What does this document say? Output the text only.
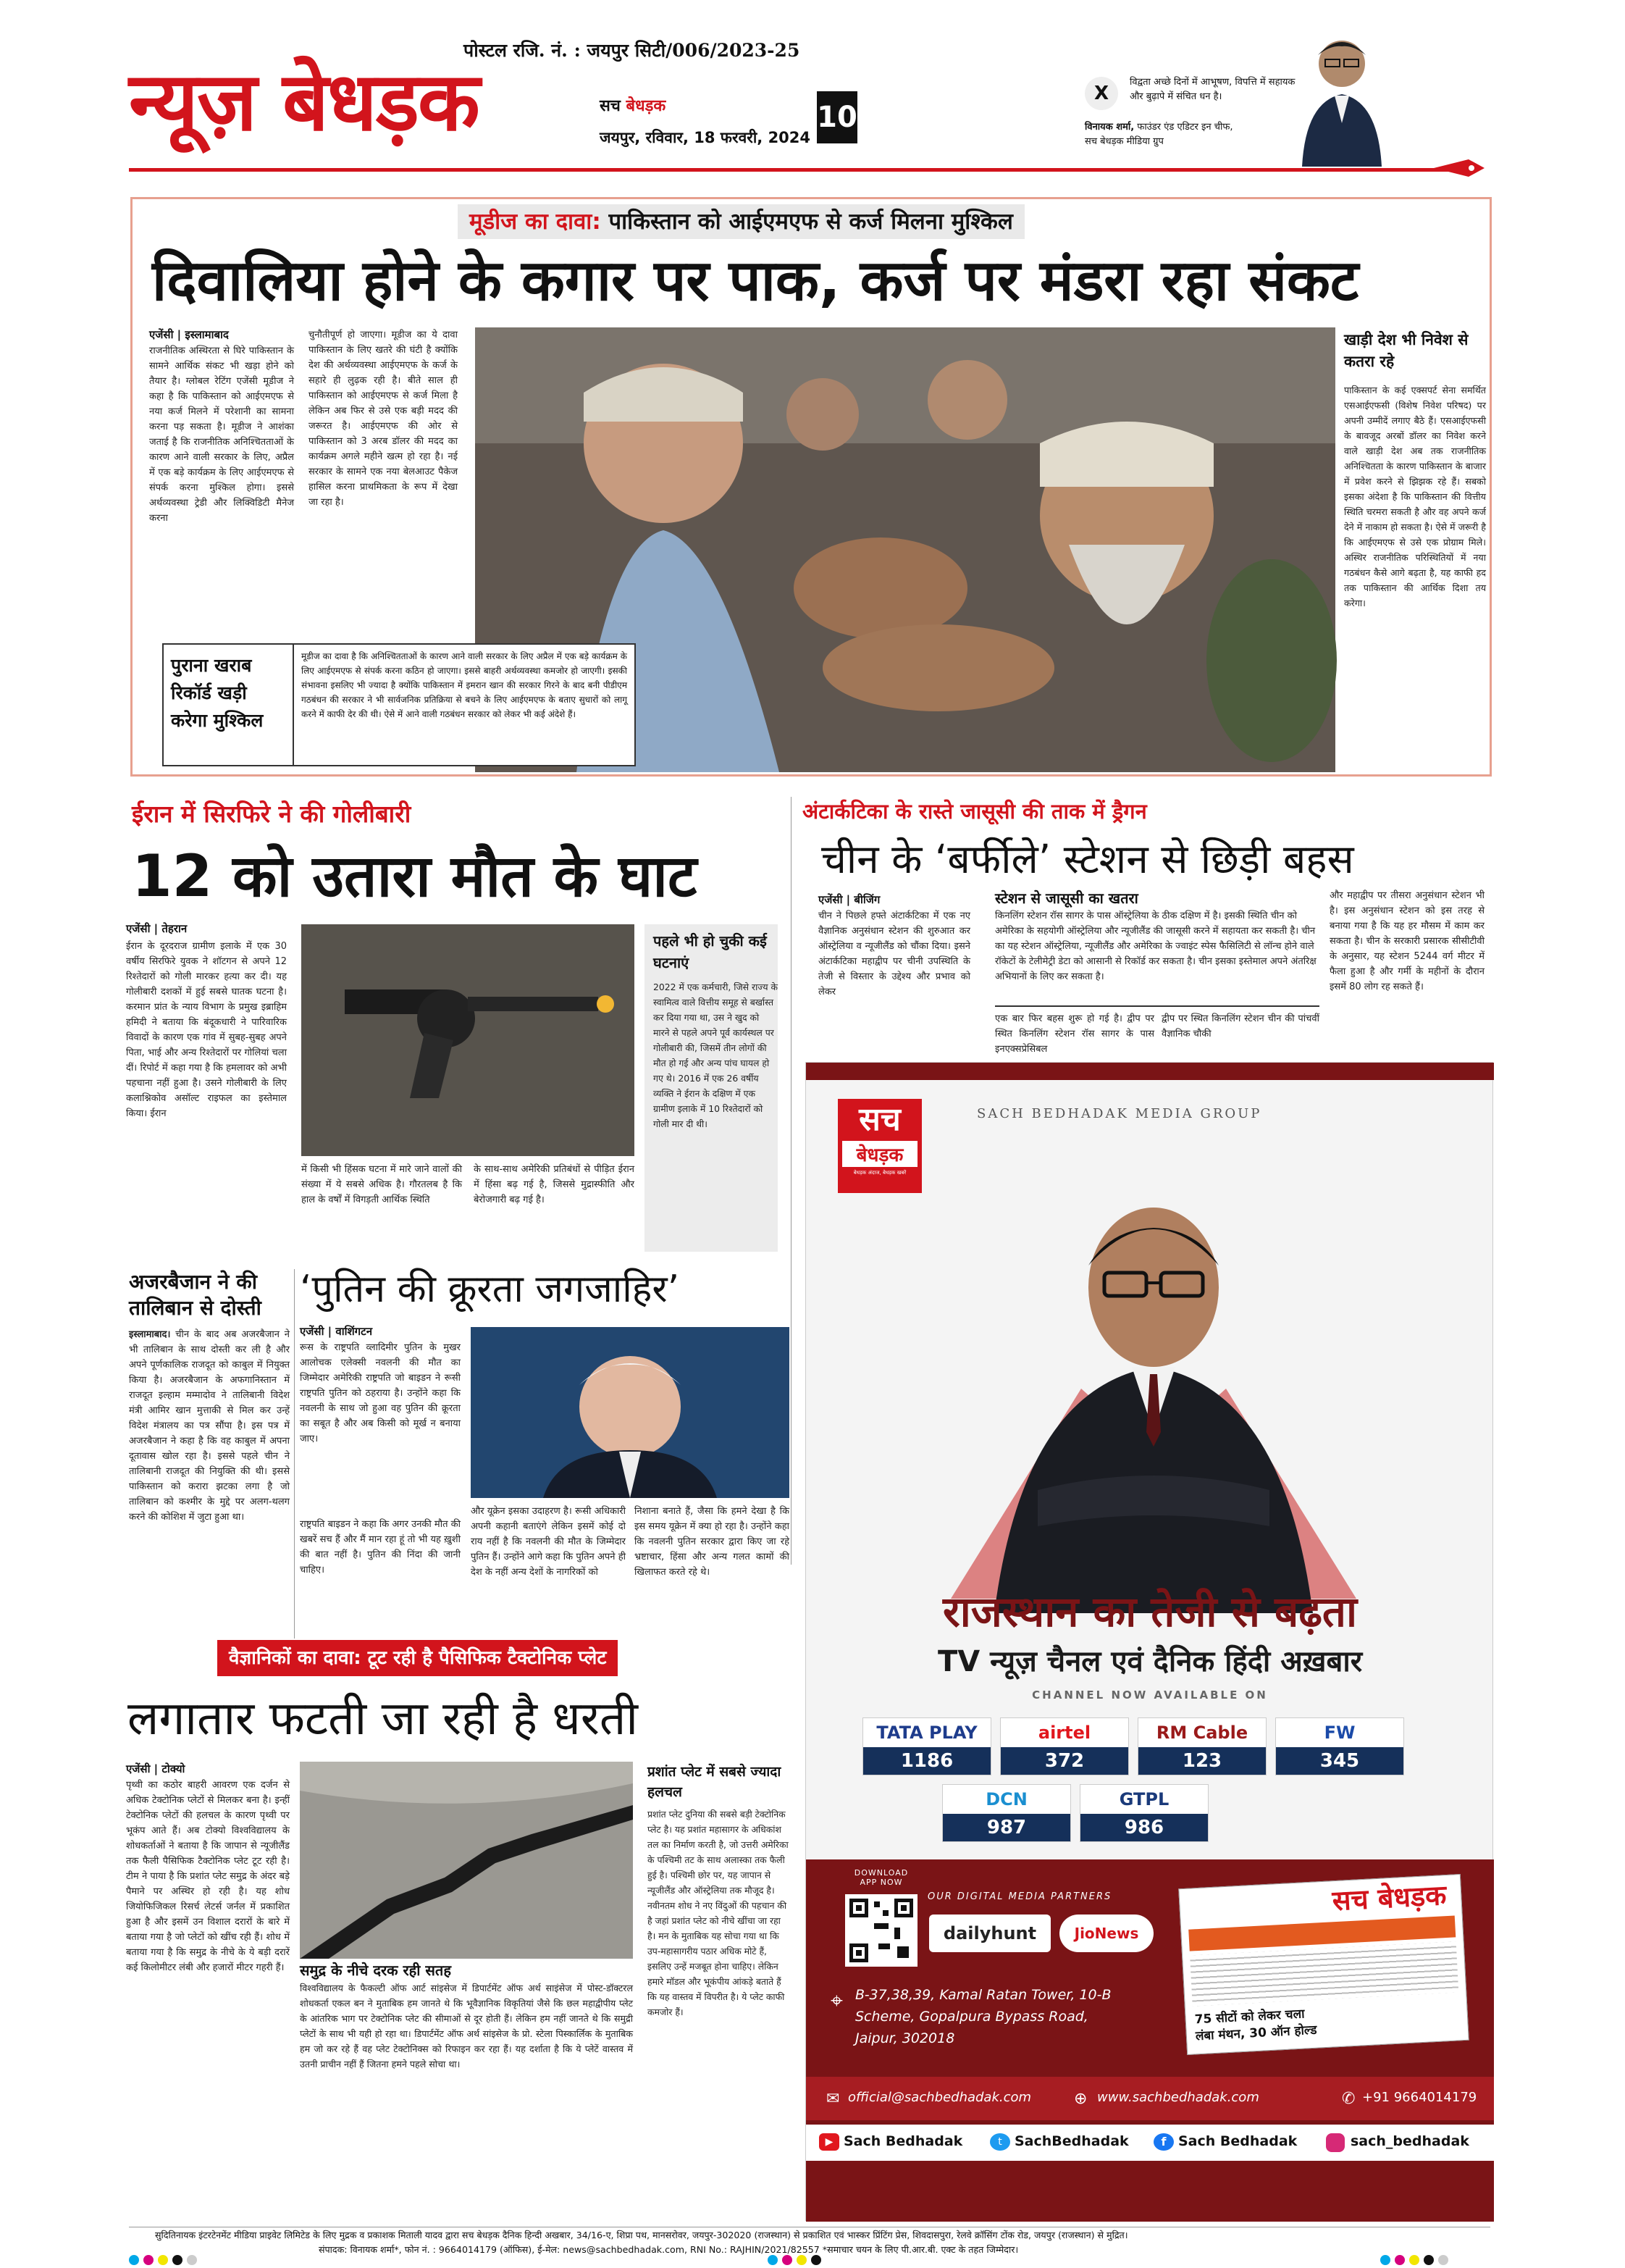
पोस्टल रजि. नं. : जयपुर सिटी/006/2023-25
न्यूज़ बेधड़क	सच बेधड़क
जयपुर, रविवार, 18 फरवरी, 2024
10
X
विद्वता अच्छे दिनों में आभूषण, विपत्ति में सहायक और बुढ़ापे में संचित धन है।
विनायक शर्मा, फाउंडर एंड एडिटर इन चीफ,
सच बेधड़क मीडिया ग्रुप
मूडीज का दावा: पाकिस्तान को आईएमएफ से कर्ज मिलना मुश्किल
दिवालिया होने के कगार पर पाक, कर्ज पर मंडरा रहा संकट
एजेंसी | इस्लामाबाद
राजनीतिक अस्थिरता से घिरे पाकिस्तान के सामने आर्थिक संकट भी खड़ा होने को तैयार है। ग्लोबल रेटिंग एजेंसी मूडीज ने कहा है कि पाकिस्तान को आईएमएफ से नया कर्ज मिलने में परेशानी का सामना करना पड़ सकता है। मूडीज ने आशंका जताई है कि राजनीतिक अनिश्चितताओं के कारण आने वाली सरकार के लिए, अप्रैल में एक बड़े कार्यक्रम के लिए आईएमएफ से संपर्क करना मुश्किल होगा। इससे अर्थव्यवस्था ट्रेडी और लिक्विडिटी मैनेज करना
चुनौतीपूर्ण हो जाएगा। मूडीज का ये दावा पाकिस्तान के लिए खतरे की घंटी है क्योंकि देश की अर्थव्यवस्था आईएमएफ के कर्ज के सहारे ही लुढ़क रही है। बीते साल ही पाकिस्तान को आईएमएफ से कर्ज मिला है लेकिन अब फिर से उसे एक बड़ी मदद की जरूरत है। आईएमएफ की ओर से पाकिस्तान को 3 अरब डॉलर की मदद का कार्यक्रम अगले महीने खत्म हो रहा है। नई सरकार के सामने एक नया बेलआउट पैकेज हासिल करना प्राथमिकता के रूप में देखा जा रहा है।
पुराना खराब रिकॉर्ड खड़ी करेगा मुश्किल
मूडीज का दावा है कि अनिश्चितताओं के कारण आने वाली सरकार के लिए अप्रैल में एक बड़े कार्यक्रम के लिए आईएमएफ से संपर्क करना कठिन हो जाएगा। इससे बाहरी अर्थव्यवस्था कमजोर हो जाएगी। इसकी संभावना इसलिए भी ज्यादा है क्योंकि पाकिस्तान में इमरान खान की सरकार गिरने के बाद बनी पीडीएम गठबंधन की सरकार ने भी सार्वजनिक प्रतिक्रिया से बचने के लिए आईएमएफ के बताए सुधारों को लागू करने में काफी देर की थी। ऐसे में आने वाली गठबंधन सरकार को लेकर भी कई अंदेशे हैं।
खाड़ी देश भी निवेश से कतरा रहे
पाकिस्तान के कई एक्सपर्ट सेना समर्थित एसआईएफसी (विशेष निवेश परिषद) पर अपनी उम्मीदें लगाए बैठे हैं। एसआईएफसी के बावजूद अरबों डॉलर का निवेश करने वाले खाड़ी देश अब तक राजनीतिक अनिश्चितता के कारण पाकिस्तान के बाजार में प्रवेश करने से झिझक रहे हैं। सबको इसका अंदेशा है कि पाकिस्तान की वित्तीय स्थिति चरमरा सकती है और वह अपने कर्ज देने में नाकाम हो सकता है। ऐसे में जरूरी है कि आईएमएफ से उसे एक प्रोग्राम मिले। अस्थिर राजनीतिक परिस्थितियों में नया गठबंधन कैसे आगे बढ़ता है, यह काफी हद तक पाकिस्तान की आर्थिक दिशा तय करेगा।
ईरान में सिरफिरे ने की गोलीबारी
12 को उतारा मौत के घाट
एजेंसी | तेहरान
ईरान के दूरदराज ग्रामीण इलाके में एक 30 वर्षीय सिरफिरे युवक ने शॉटगन से अपने 12 रिश्तेदारों को गोली मारकर हत्या कर दी। यह गोलीबारी दशकों में हुई सबसे घातक घटना है। करमान प्रांत के न्याय विभाग के प्रमुख इब्राहिम हमिदी ने बताया कि बंदूकधारी ने पारिवारिक विवादों के कारण एक गांव में सुबह-सुबह अपने पिता, भाई और अन्य रिश्तेदारों पर गोलियां चला दीं। रिपोर्ट में कहा गया है कि हमलावर को अभी पहचाना नहीं हुआ है। उसने गोलीबारी के लिए कलाश्निकोव असॉल्ट राइफल का इस्तेमाल किया। ईरान
में किसी भी हिंसक घटना में मारे जाने वालों की संख्या में ये सबसे अधिक है। गौरतलब है कि हाल के वर्षों में विगड़ती आर्थिक स्थिति
के साथ-साथ अमेरिकी प्रतिबंधों से पीड़ित ईरान में हिंसा बढ़ गई है, जिससे मुद्रास्फीति और बेरोजगारी बढ़ गई है।
पहले भी हो चुकी कई घटनाएं
2022 में एक कर्मचारी, जिसे राज्य के स्वामित्व वाले वित्तीय समूह से बर्खास्त कर दिया गया था, उस ने खुद को मारने से पहले अपने पूर्व कार्यस्थल पर गोलीबारी की, जिसमें तीन लोगों की मौत हो गई और अन्य पांच घायल हो गए थे। 2016 में एक 26 वर्षीय व्यक्ति ने ईरान के दक्षिण में एक ग्रामीण इलाके में 10 रिश्तेदारों को गोली मार दी थी।
अंटार्कटिका के रास्ते जासूसी की ताक में ड्रैगन
चीन के ‘बर्फीले’ स्टेशन से छिड़ी बहस
एजेंसी | बीजिंग
चीन ने पिछले हफ्ते अंटार्कटिका में एक नए वैज्ञानिक अनुसंधान स्टेशन की शुरुआत कर ऑस्ट्रेलिया व न्यूजीलैंड को चौंका दिया। इसने अंटार्कटिका महाद्वीप पर चीनी उपस्थिति के तेजी से विस्तार के उद्देश्य और प्रभाव को लेकर
स्टेशन से जासूसी का खतरा
किनलिंग स्टेशन रॉस सागर के पास ऑस्ट्रेलिया के ठीक दक्षिण में है। इसकी स्थिति चीन को अमेरिका के सहयोगी ऑस्ट्रेलिया और न्यूजीलैंड की जासूसी करने में सहायता कर सकती है। चीन का यह स्टेशन ऑस्ट्रेलिया, न्यूजीलैंड और अमेरिका के ज्वाइंट स्पेस फैसिलिटी से लॉन्च होने वाले रॉकेटों के टेलीमेट्री डेटा को आसानी से रिकॉर्ड कर सकता है। चीन इसका इस्तेमाल अपने अंतरिक्ष अभियानों के लिए कर सकता है।
एक बार फिर बहस शुरू हो गई है। द्वीप पर स्थित किनलिंग स्टेशन रॉस सागर के पास इनएक्सप्रेसिबल
द्वीप पर स्थित किनलिंग स्टेशन चीन की पांचवीं वैज्ञानिक चौकी
और महाद्वीप पर तीसरा अनुसंधान स्टेशन भी है। इस अनुसंधान स्टेशन को इस तरह से बनाया गया है कि यह हर मौसम में काम कर सकता है। चीन के सरकारी प्रसारक सीसीटीवी के अनुसार, यह स्टेशन 5244 वर्ग मीटर में फैला हुआ है और गर्मी के महीनों के दौरान इसमें 80 लोग रह सकते हैं।
अजरबैजान ने की तालिबान से दोस्ती
इस्लामाबाद। चीन के बाद अब अजरबैजान ने भी तालिबान के साथ दोस्ती कर ली है और अपने पूर्णकालिक राजदूत को काबुल में नियुक्त किया है। अजरबैजान के अफगानिस्तान में राजदूत इल्हाम मम्मादोव ने तालिबानी विदेश मंत्री आमिर खान मुत्ताकी से मिल कर उन्हें विदेश मंत्रालय का पत्र सौंपा है। इस पत्र में अजरबैजान ने कहा है कि वह काबुल में अपना दूतावास खोल रहा है। इससे पहले चीन ने तालिबानी राजदूत की नियुक्ति की थी। इससे पाकिस्तान को करारा झटका लगा है जो तालिबान को कश्मीर के मुद्दे पर अलग-थलग करने की कोशिश में जुटा हुआ था।
‘पुतिन की क्रूरता जगजाहिर’
एजेंसी | वाशिंगटन
रूस के राष्ट्रपति व्लादिमीर पुतिन के मुखर आलोचक एलेक्सी नवलनी की मौत का जिम्मेदार अमेरिकी राष्ट्रपति जो बाइडन ने रूसी राष्ट्रपति पुतिन को ठहराया है। उन्होंने कहा कि नवलनी के साथ जो हुआ वह पुतिन की क्रूरता का सबूत है और अब किसी को मूर्ख न बनाया जाए।
राष्ट्रपति बाइडन ने कहा कि अगर उनकी मौत की खबरें सच हैं और मैं मान रहा हूं तो भी यह ख़ुशी की बात नहीं है। पुतिन की निंदा की जानी चाहिए।
और यूक्रेन इसका उदाहरण है। रूसी अधिकारी अपनी कहानी बताएंगे लेकिन इसमें कोई दो राय नहीं है कि नवलनी की मौत के जिम्मेदार पुतिन हैं। उन्होंने आगे कहा कि पुतिन अपने ही देश के नहीं अन्य देशों के नागरिकों को
निशाना बनाते हैं, जैसा कि हमने देखा है कि इस समय यूक्रेन में क्या हो रहा है। उन्होंने कहा कि नवलनी पुतिन सरकार द्वारा किए जा रहे भ्रष्टाचार, हिंसा और अन्य गलत कामों की खिलाफत करते रहे थे।
वैज्ञानिकों का दावा: टूट रही है पैसिफिक टैक्टोनिक प्लेट
लगातार फटती जा रही है धरती
एजेंसी | टोक्यो
पृथ्वी का कठोर बाहरी आवरण एक दर्जन से अधिक टेक्टोनिक प्लेटों से मिलकर बना है। इन्हीं टेक्टोनिक प्लेटों की हलचल के कारण पृथ्वी पर भूकंप आते हैं। अब टोक्यो विश्वविद्यालय के शोधकर्ताओं ने बताया है कि जापान से न्यूजीलैंड तक फैली पैसिफिक टैक्टोनिक प्लेट टूट रही है। टीम ने पाया है कि प्रशांत प्लेट समुद्र के अंदर बड़े पैमाने पर अस्थिर हो रही है। यह शोध जियोफिजिकल रिसर्च लेटर्स जर्नल में प्रकाशित हुआ है और इसमें उन विशाल दरारों के बारे में बताया गया है जो प्लेटों को खींच रही हैं। शोध में बताया गया है कि समुद्र के नीचे के ये बड़ी दरारें कई किलोमीटर लंबी और हजारों मीटर गहरी हैं।	समुद्र के नीचे दरक रही सतह
विश्वविद्यालय के फैकल्टी ऑफ आर्ट सांइसेज में डिपार्टमेंट ऑफ अर्थ साइंसेज में पोस्ट-डॉक्टरल शोधकर्ता एकल बन ने मुताबिक हम जानते थे कि भूवैज्ञानिक विकृतियां जैसे कि छल महाद्वीपीय प्लेट के आंतरिक भाग पर टेक्टोनिक प्लेट की सीमाओं से दूर होती हैं। लेकिन हम नहीं जानते थे कि समुद्री प्लेटों के साथ भी यही हो रहा था। डिपार्टमेंट ऑफ अर्थ सांइसेज के प्रो. स्टेला पिस्कार्लिक के मुताबिक हम जो कर रहे हैं वह प्लेट टेक्टोनिक्स को रिफाइन कर रहा हैं। यह दर्शाता है कि ये प्लेटें वास्तव में उतनी प्राचीन नहीं हैं जितना हमने पहले सोचा था।
प्रशांत प्लेट में सबसे ज्यादा हलचल
प्रशांत प्लेट दुनिया की सबसे बड़ी टेक्टोनिक प्लेट है। यह प्रशांत महासागर के अधिकांश तल का निर्माण करती है, जो उत्तरी अमेरिका के पश्चिमी तट के साथ अलास्का तक फैली हुई है। पश्चिमी छोर पर, यह जापान से न्यूजीलैंड और ऑस्ट्रेलिया तक मौजूद है। नवीनतम शोध ने नए विंदुओं की पहचान की है जहां प्रशांत प्लेट को नीचे खींचा जा रहा है। मन के मुताबिक यह सोचा गया था कि उप-महासागरीय पठार अधिक मोटे हैं, इसलिए उन्हें मजबूत होना चाहिए। लेकिन हमारे मॉडल और भूकंपीय आंकड़े बताते हैं कि यह वास्तव में विपरीत है। ये प्लेट काफी कमजोर हैं।
SACH BEDHADAK MEDIA GROUP
सच
बेधड़क
बेधड़क अंदाज, बेधड़क खबरें
राजस्थान का तेजी से बढ़ता
TV न्यूज़ चैनल एवं दैनिक हिंदी अख़बार
CHANNEL NOW AVAILABLE ON
TATA PLAY
1186
airtel
372
RM Cable
123
FW
345
DCN
987
GTPL
986
DOWNLOAD APP NOW
OUR DIGITAL MEDIA PARTNERS
dailyhunt	JioNews
⌖ B-37,38,39, Kamal Ratan Tower, 10-B Scheme, Gopalpura Bypass Road, Jaipur, 302018
सच बेधड़क
75 सीटों को लेकर चला
लंबा मंथन, 30 ऑन होल्ड
✉ official@sachbedhadak.com	⊕ www.sachbedhadak.com	✆ +91 9664014179
▶ Sach Bedhadak	t SachBedhadak	f Sach Bedhadak	sach_bedhadak
सुदितिनायक इंटरटेनमेंट मीडिया प्राइवेट लिमिटेड के लिए मुद्रक व प्रकाशक मिताली यादव द्वारा सच बेधड़क दैनिक हिन्दी अखबार, 34/16-ए, शिप्रा पथ, मानसरोवर, जयपुर-302020 (राजस्थान) से प्रकाशित एवं भास्कर प्रिंटिंग प्रेस, शिवदासपुरा, रेलवे क्रॉसिंग टोंक रोड, जयपुर (राजस्थान) से मुद्रित।
संपादक: विनायक शर्मा*, फोन नं. : 9664014179 (ऑफिस), ई-मेल: news@sachbedhadak.com, RNI No.: RAJHIN/2021/82557 *समाचार चयन के लिए पी.आर.बी. एक्ट के तहत जिम्मेदार।
